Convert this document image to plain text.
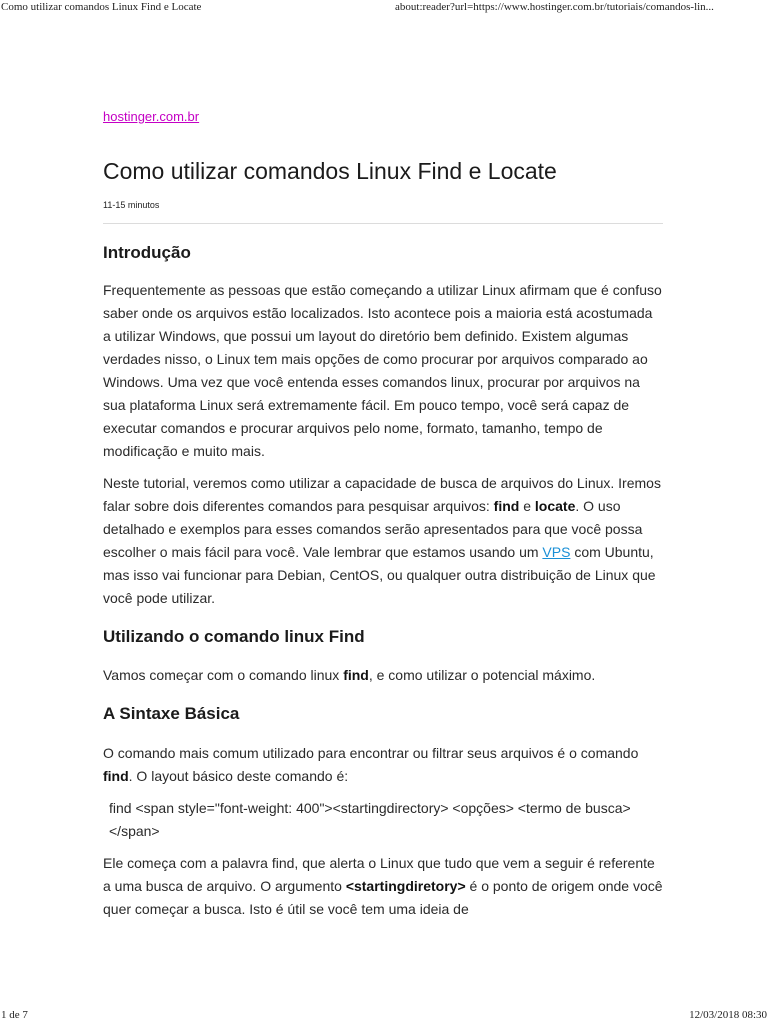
Como utilizar comandos Linux Find e Locate	about:reader?url=https://www.hostinger.com.br/tutoriais/comandos-lin...
hostinger.com.br
Como utilizar comandos Linux Find e Locate
11-15 minutos
Introdução

Frequentemente as pessoas que estão começando a utilizar Linux afirmam que é confuso saber onde os arquivos estão localizados. Isto acontece pois a maioria está acostumada a utilizar Windows, que possui um layout do diretório bem definido. Existem algumas verdades nisso, o Linux tem mais opções de como procurar por arquivos comparado ao Windows. Uma vez que você entenda esses comandos linux, procurar por arquivos na sua plataforma Linux será extremamente fácil. Em pouco tempo, você será capaz de executar comandos e procurar arquivos pelo nome, formato, tamanho, tempo de modificação e muito mais.

Neste tutorial, veremos como utilizar a capacidade de busca de arquivos do Linux. Iremos falar sobre dois diferentes comandos para pesquisar arquivos: find e locate. O uso detalhado e exemplos para esses comandos serão apresentados para que você possa escolher o mais fácil para você. Vale lembrar que estamos usando um VPS com Ubuntu, mas isso vai funcionar para Debian, CentOS, ou qualquer outra distribuição de Linux que você pode utilizar.

Utilizando o comando linux Find

Vamos começar com o comando linux find, e como utilizar o potencial máximo.

A Sintaxe Básica

O comando mais comum utilizado para encontrar ou filtrar seus arquivos é o comando find. O layout básico deste comando é:

find <span style="font-weight: 400"><startingdirectory> <opções> <termo de busca></span>

Ele começa com a palavra find, que alerta o Linux que tudo que vem a seguir é referente a uma busca de arquivo. O argumento <startingdiretory> é o ponto de origem onde você quer começar a busca. Isto é útil se você tem uma ideia de

1 de 7	12/03/2018 08:30
